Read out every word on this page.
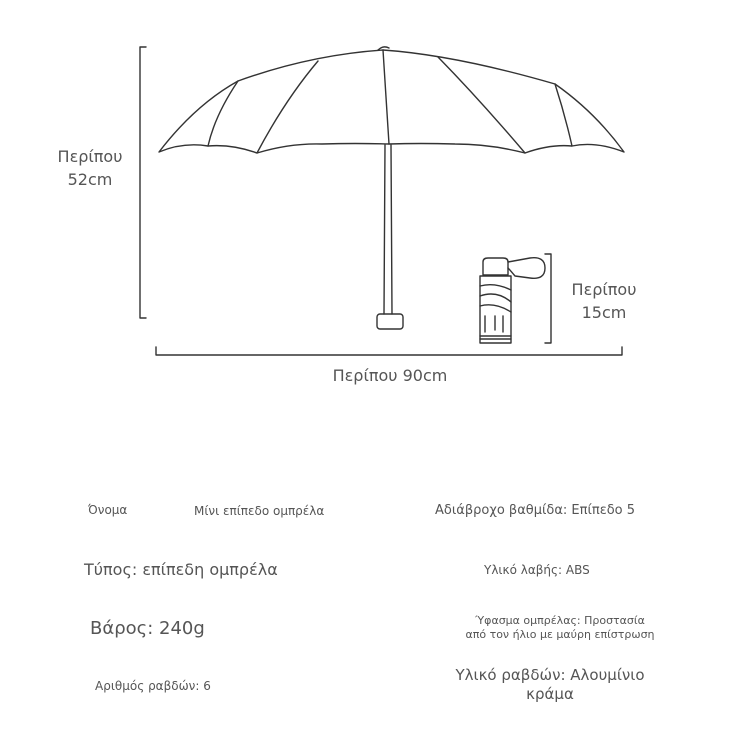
Περίπου
52cm
Περίπου 90cm
Περίπου
15cm
Όνομα	Μίνι επίπεδο ομπρέλα	Αδιάβροχο βαθμίδα: Επίπεδο 5
Τύπος: επίπεδη ομπρέλα	Υλικό λαβής: ABS
Βάρος: 240g	Ύφασμα ομπρέλας: Προστασία
από τον ήλιο με μαύρη επίστρωση
Αριθμός ραβδών: 6
Υλικό ραβδών: Αλουμίνιο
κράμα
